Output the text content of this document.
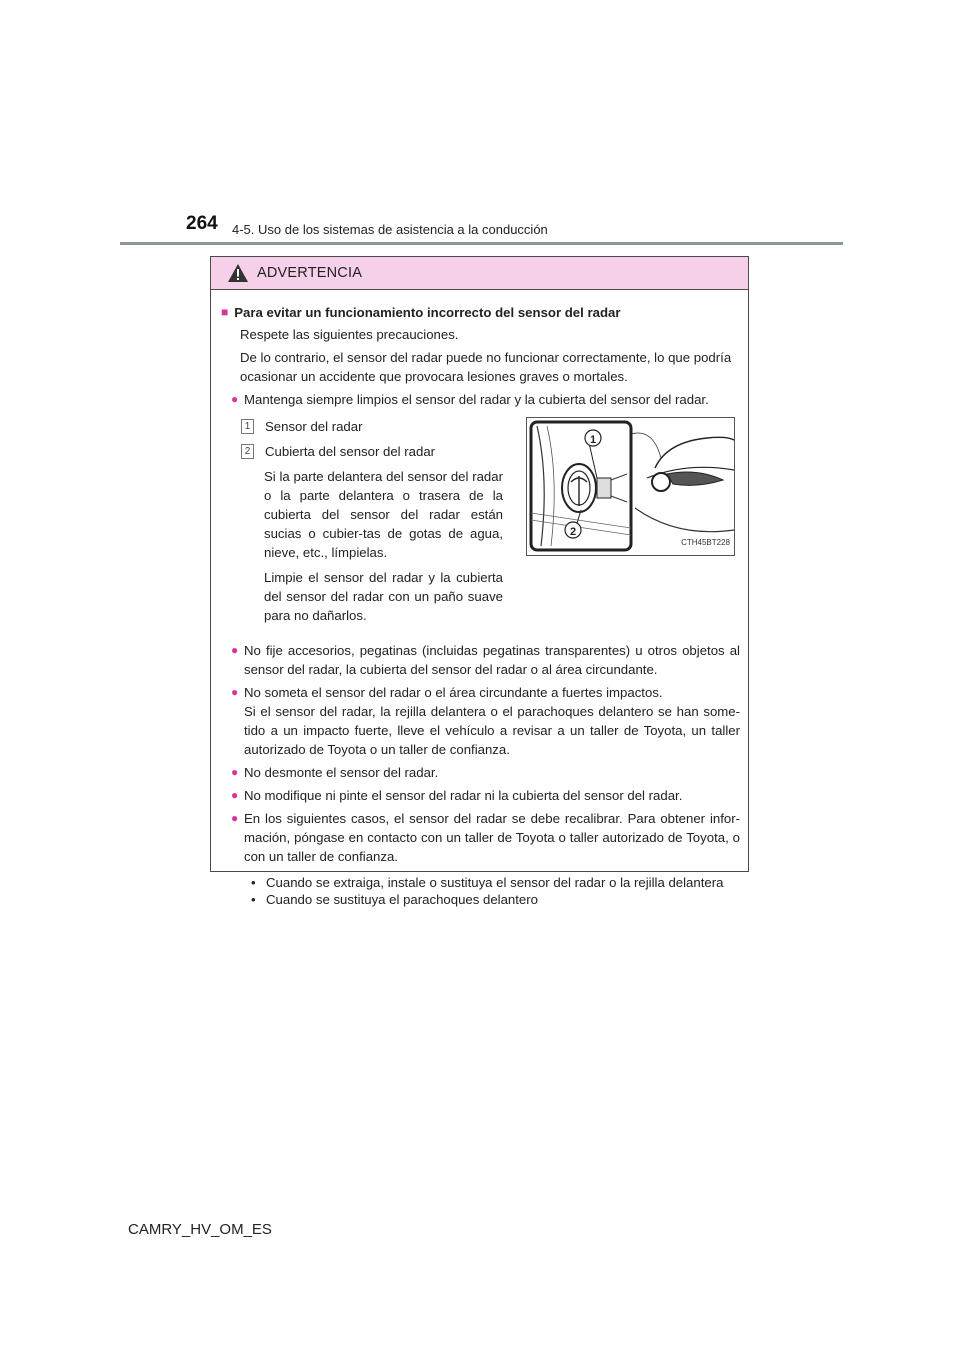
264 4-5. Uso de los sistemas de asistencia a la conducción
ADVERTENCIA
■ Para evitar un funcionamiento incorrecto del sensor del radar
Respete las siguientes precauciones.
De lo contrario, el sensor del radar puede no funcionar correctamente, lo que podría ocasionar un accidente que provocara lesiones graves o mortales.
● Mantenga siempre limpios el sensor del radar y la cubierta del sensor del radar.
1 Sensor del radar
2 Cubierta del sensor del radar
Si la parte delantera del sensor del radar o la parte delantera o trasera de la cubierta del sensor del radar están sucias o cubier-tas de gotas de agua, nieve, etc., límpielas.
Limpie el sensor del radar y la cubierta del sensor del radar con un paño suave para no dañarlos.
1
2
CTH45BT228
● No fije accesorios, pegatinas (incluidas pegatinas transparentes) u otros objetos al sensor del radar, la cubierta del sensor del radar o al área circundante.
● No someta el sensor del radar o el área circundante a fuertes impactos.
Si el sensor del radar, la rejilla delantera o el parachoques delantero se han some-tido a un impacto fuerte, lleve el vehículo a revisar a un taller de Toyota, un taller autorizado de Toyota o un taller de confianza.
● No desmonte el sensor del radar.
● No modifique ni pinte el sensor del radar ni la cubierta del sensor del radar.
● En los siguientes casos, el sensor del radar se debe recalibrar. Para obtener infor-mación, póngase en contacto con un taller de Toyota o taller autorizado de Toyota, o con un taller de confianza.
• Cuando se extraiga, instale o sustituya el sensor del radar o la rejilla delantera
• Cuando se sustituya el parachoques delantero
CAMRY_HV_OM_ES
